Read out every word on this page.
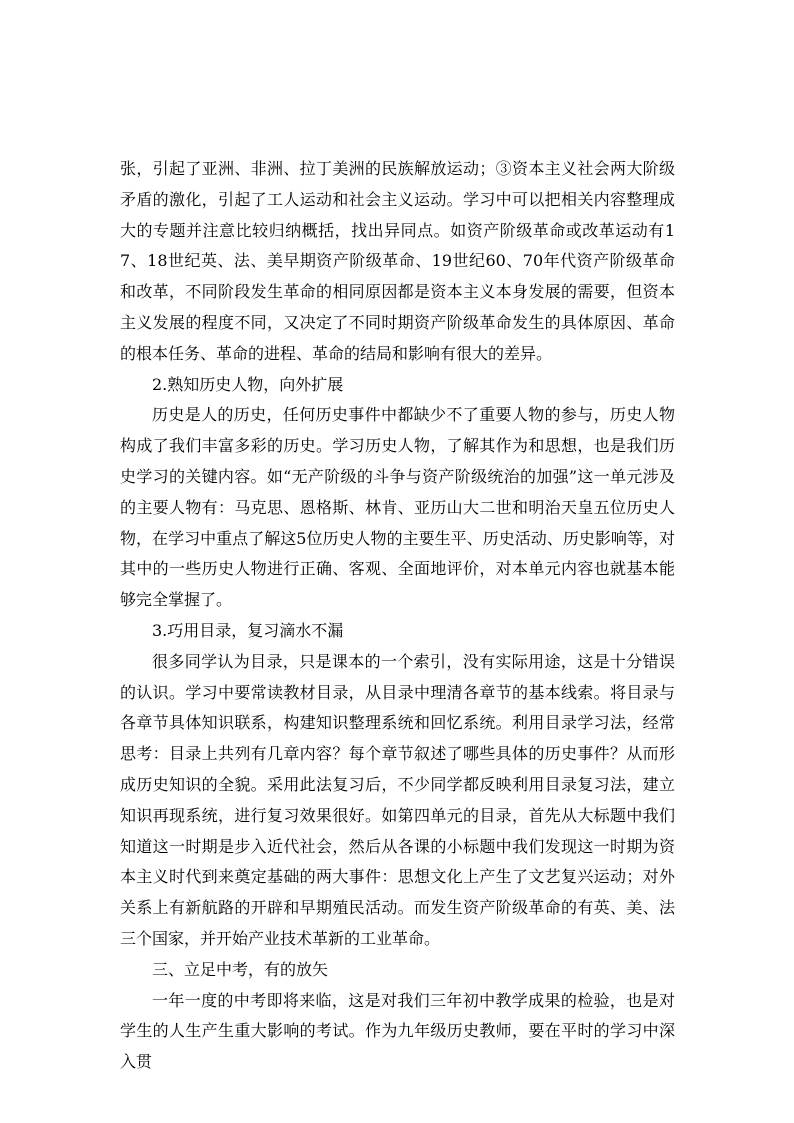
张，引起了亚洲、非洲、拉丁美洲的民族解放运动；③资本主义社会两大阶级矛盾的激化，引起了工人运动和社会主义运动。学习中可以把相关内容整理成大的专题并注意比较归纳概括，找出异同点。如资产阶级革命或改革运动有17、18世纪英、法、美早期资产阶级革命、19世纪60、70年代资产阶级革命和改革，不同阶段发生革命的相同原因都是资本主义本身发展的需要，但资本主义发展的程度不同，又决定了不同时期资产阶级革命发生的具体原因、革命的根本任务、革命的进程、革命的结局和影响有很大的差异。

2.熟知历史人物，向外扩展

历史是人的历史，任何历史事件中都缺少不了重要人物的参与，历史人物构成了我们丰富多彩的历史。学习历史人物，了解其作为和思想，也是我们历史学习的关键内容。如“无产阶级的斗争与资产阶级统治的加强”这一单元涉及的主要人物有：马克思、恩格斯、林肯、亚历山大二世和明治天皇五位历史人物，在学习中重点了解这5位历史人物的主要生平、历史活动、历史影响等，对其中的一些历史人物进行正确、客观、全面地评价，对本单元内容也就基本能够完全掌握了。

3.巧用目录，复习滴水不漏

很多同学认为目录，只是课本的一个索引，没有实际用途，这是十分错误的认识。学习中要常读教材目录，从目录中理清各章节的基本线索。将目录与各章节具体知识联系，构建知识整理系统和回忆系统。利用目录学习法，经常思考：目录上共列有几章内容？每个章节叙述了哪些具体的历史事件？从而形成历史知识的全貌。采用此法复习后，不少同学都反映利用目录复习法，建立知识再现系统，进行复习效果很好。如第四单元的目录，首先从大标题中我们知道这一时期是步入近代社会，然后从各课的小标题中我们发现这一时期为资本主义时代到来奠定基础的两大事件：思想文化上产生了文艺复兴运动；对外关系上有新航路的开辟和早期殖民活动。而发生资产阶级革命的有英、美、法三个国家，并开始产业技术革新的工业革命。

三、立足中考，有的放矢

一年一度的中考即将来临，这是对我们三年初中教学成果的检验，也是对学生的人生产生重大影响的考试。作为九年级历史教师，要在平时的学习中深入贯
